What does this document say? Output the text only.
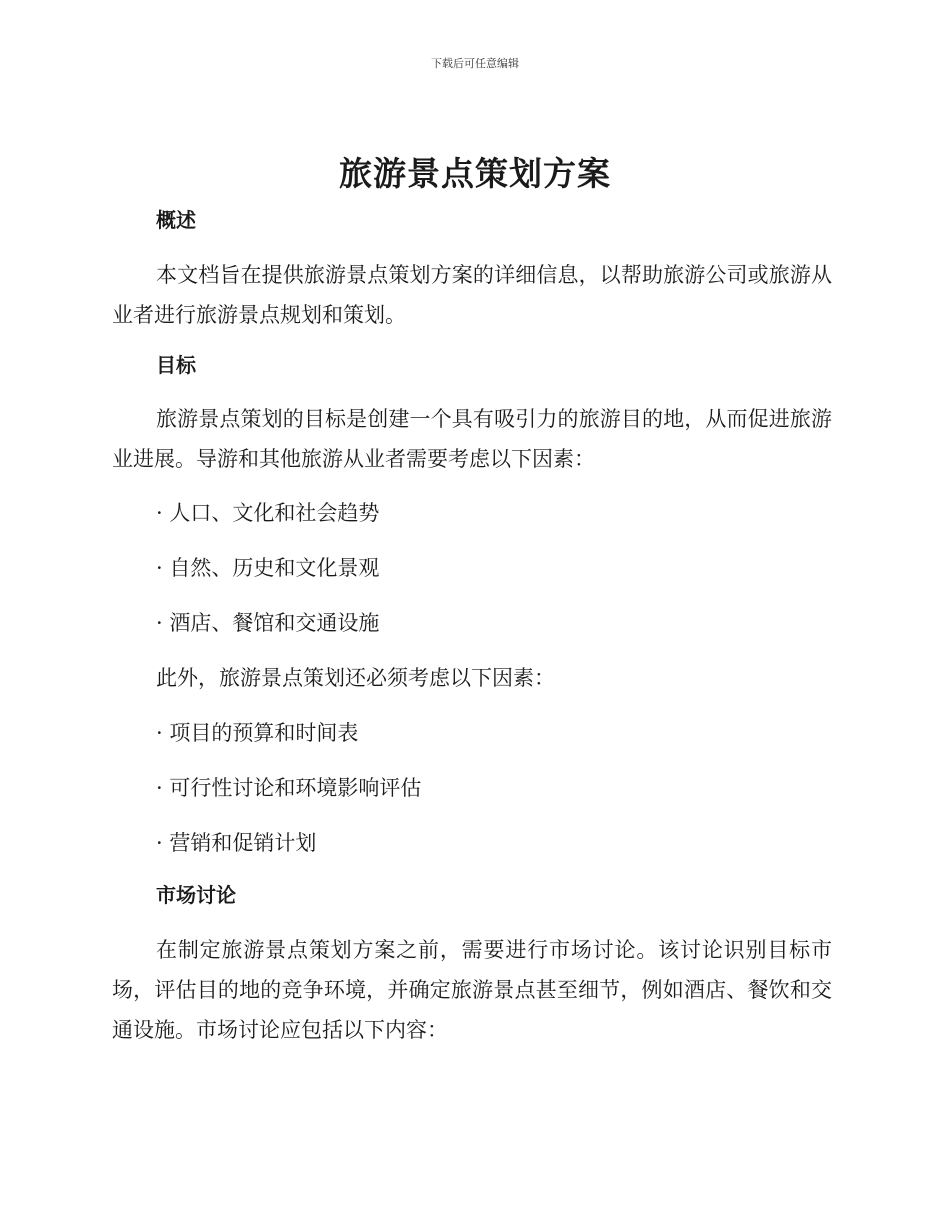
下载后可任意编辑
旅游景点策划方案
概述

本文档旨在提供旅游景点策划方案的详细信息，以帮助旅游公司或旅游从业者进行旅游景点规划和策划。

目标

旅游景点策划的目标是创建一个具有吸引力的旅游目的地，从而促进旅游业进展。导游和其他旅游从业者需要考虑以下因素：

· 人口、文化和社会趋势

· 自然、历史和文化景观

· 酒店、餐馆和交通设施

此外，旅游景点策划还必须考虑以下因素：

· 项目的预算和时间表

· 可行性讨论和环境影响评估

· 营销和促销计划

市场讨论

在制定旅游景点策划方案之前，需要进行市场讨论。该讨论识别目标市场，评估目的地的竞争环境，并确定旅游景点甚至细节，例如酒店、餐饮和交通设施。市场讨论应包括以下内容：
